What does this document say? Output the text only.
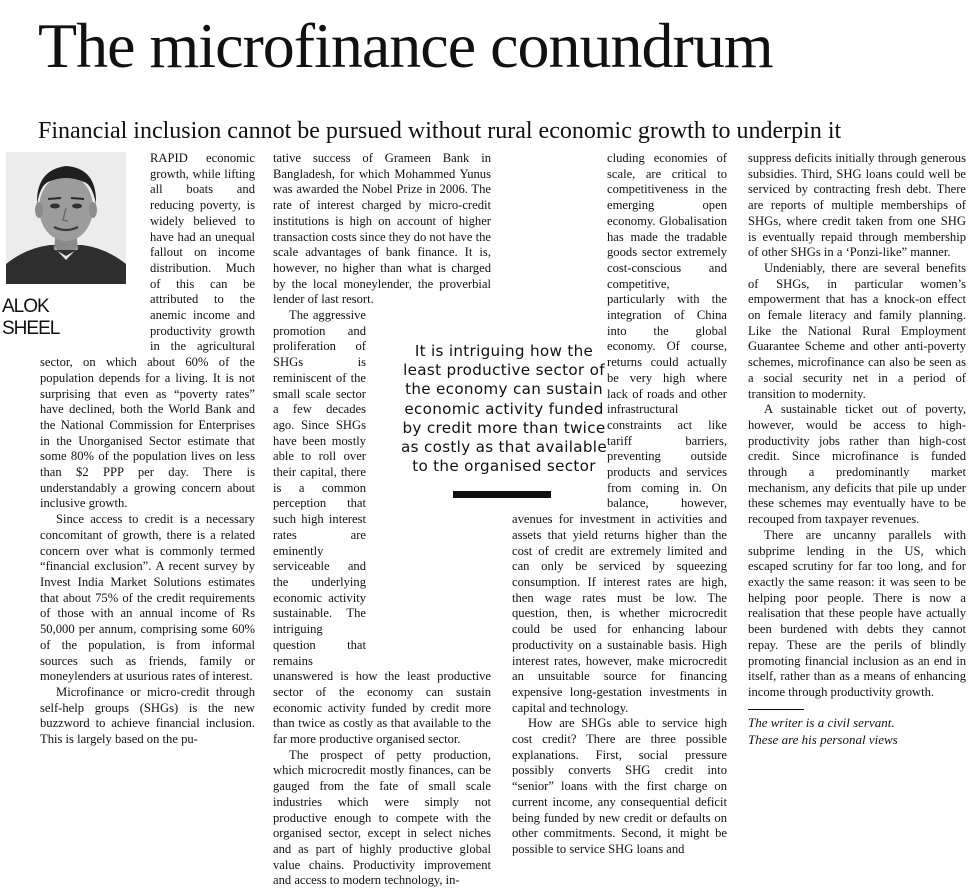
The microfinance conundrum
Financial inclusion cannot be pursued without rural economic growth to underpin it

RAPID economic growth, while lifting all boats and reducing poverty, is widely believed to have had an unequal fallout on income distribution. Much of this can be attributed to the anemic income and productivity growth in the agricultural sector, on which about 60% of the population depends for a living. It is not surprising that even as “poverty rates” have declined, both the World Bank and the National Commission for Enterprises in the Unorganised Sector estimate that some 80% of the population lives on less than $2 PPP per day. There is understandably a growing concern about inclusive growth.

Since access to credit is a necessary concomitant of growth, there is a related concern over what is commonly termed “financial exclusion”. A recent survey by Invest India Market Solutions estimates that about 75% of the credit requirements of those with an annual income of Rs 50,000 per annum, comprising some 60% of the population, is from informal sources such as friends, family or moneylenders at usurious rates of interest.

Microfinance or micro-credit through self-help groups (SHGs) is the new buzzword to achieve financial inclusion. This is largely based on the pu-

tative success of Grameen Bank in Bangladesh, for which Mohammed Yunus was awarded the Nobel Prize in 2006. The rate of interest charged by micro-credit institutions is high on account of higher transaction costs since they do not have the scale advantages of bank finance. It is, however, no higher than what is charged by the local moneylender, the proverbial lender of last resort.

The aggressive promotion and proliferation of SHGs is reminiscent of the small scale sector a few decades ago. Since SHGs have been mostly able to roll over their capital, there is a common perception that such high interest rates are eminently serviceable and the underlying economic activity sustainable. The intriguing question that remains unanswered is how the least productive sector of the economy can sustain economic activity funded by credit more than twice as costly as that available to the far more productive organised sector.

The prospect of petty production, which microcredit mostly finances, can be gauged from the fate of small scale industries which were simply not productive enough to compete with the organised sector, except in select niches and as part of highly productive global value chains. Productivity improvement and access to modern technology, in-

cluding economies of scale, are critical to competitiveness in the emerging open economy. Globalisation has made the tradable goods sector extremely cost-conscious and competitive, particularly with the integration of China into the global economy. Of course, returns could actually be very high where lack of roads and other infrastructural constraints act like tariff barriers, preventing outside products and services from coming in. On balance, however, avenues for investment in activities and assets that yield returns higher than the cost of credit are extremely limited and can only be serviced by squeezing consumption. If interest rates are high, then wage rates must be low. The question, then, is whether microcredit could be used for enhancing labour productivity on a sustainable basis. High interest rates, however, make microcredit an unsuitable source for financing expensive long-gestation investments in capital and technology.

How are SHGs able to service high cost credit? There are three possible explanations. First, social pressure possibly converts SHG credit into “senior” loans with the first charge on current income, any consequential deficit being funded by new credit or defaults on other commitments. Second, it might be possible to service SHG loans and

suppress deficits initially through generous subsidies. Third, SHG loans could well be serviced by contracting fresh debt. There are reports of multiple memberships of SHGs, where credit taken from one SHG is eventually repaid through membership of other SHGs in a ‘Ponzi-like” manner.

Undeniably, there are several benefits of SHGs, in particular women’s empowerment that has a knock-on effect on female literacy and family planning. Like the National Rural Employment Guarantee Scheme and other anti-poverty schemes, microfinance can also be seen as a social security net in a period of transition to modernity.

A sustainable ticket out of poverty, however, would be access to high-productivity jobs rather than high-cost credit. Since microfinance is funded through a predominantly market mechanism, any deficits that pile up under these schemes may eventually have to be recouped from taxpayer revenues.

There are uncanny parallels with subprime lending in the US, which escaped scrutiny for far too long, and for exactly the same reason: it was seen to be helping poor people. There is now a realisation that these people have actually been burdened with debts they cannot repay. These are the perils of blindly promoting financial inclusion as an end in itself, rather than as a means of enhancing income through productivity growth.

ALOK
SHEEL
It is intriguing how the
least productive sector of
the economy can sustain
economic activity funded
by credit more than twice
as costly as that available
to the organised sector
The writer is a civil servant.
These are his personal views
